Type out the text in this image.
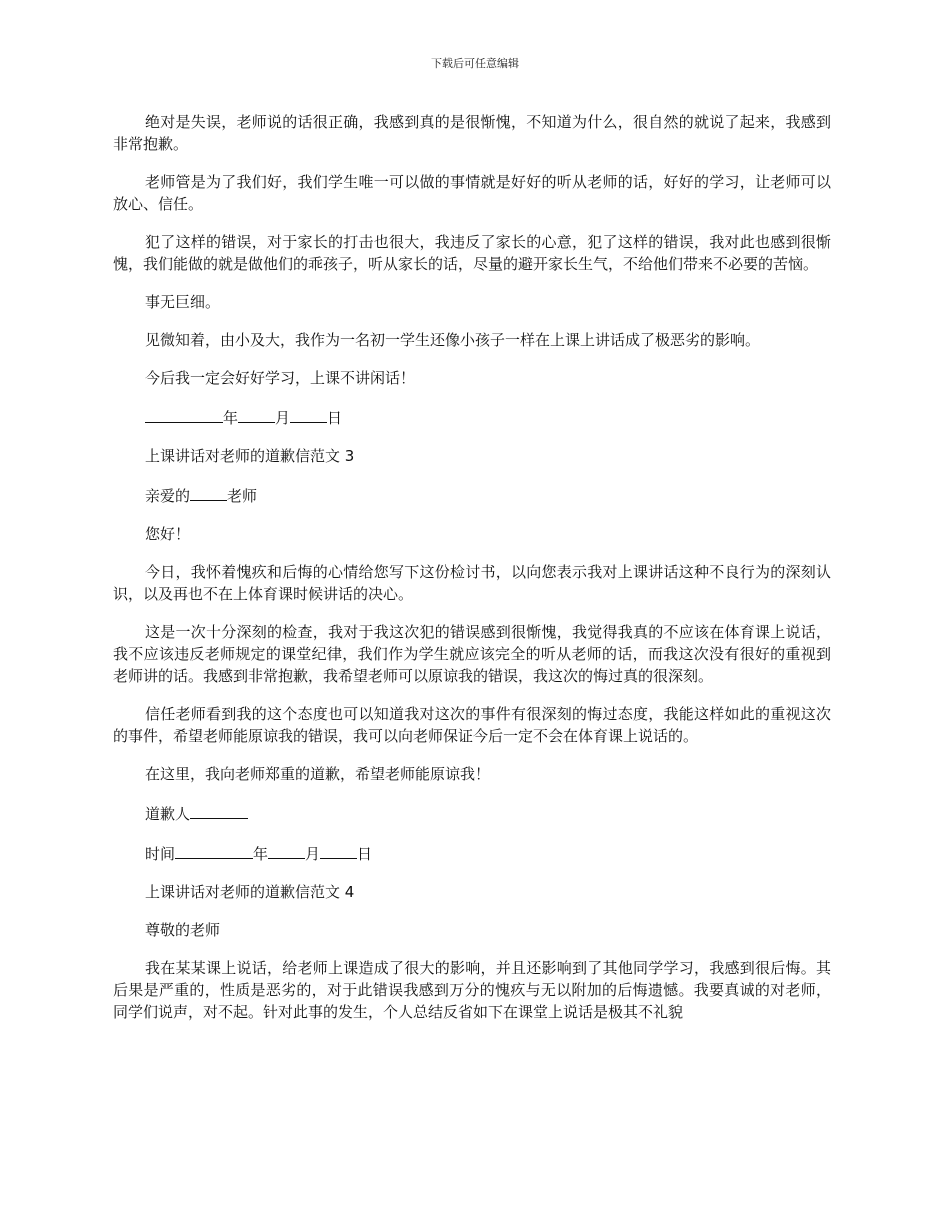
下载后可任意编辑

绝对是失误，老师说的话很正确，我感到真的是很惭愧，不知道为什么，很自然的就说了起来，我感到非常抱歉。

老师管是为了我们好，我们学生唯一可以做的事情就是好好的听从老师的话，好好的学习，让老师可以放心、信任。

犯了这样的错误，对于家长的打击也很大，我违反了家长的心意，犯了这样的错误，我对此也感到很惭愧，我们能做的就是做他们的乖孩子，听从家长的话，尽量的避开家长生气，不给他们带来不必要的苦恼。

事无巨细。

见微知着，由小及大，我作为一名初一学生还像小孩子一样在上课上讲话成了极恶劣的影响。

今后我一定会好好学习，上课不讲闲话！

年 月 日

上课讲话对老师的道歉信范文 3

亲爱的 老师

您好！

今日，我怀着愧疚和后悔的心情给您写下这份检讨书，以向您表示我对上课讲话这种不良行为的深刻认识，以及再也不在上体育课时候讲话的决心。

这是一次十分深刻的检查，我对于我这次犯的错误感到很惭愧，我觉得我真的不应该在体育课上说话，我不应该违反老师规定的课堂纪律，我们作为学生就应该完全的听从老师的话，而我这次没有很好的重视到老师讲的话。我感到非常抱歉，我希望老师可以原谅我的错误，我这次的悔过真的很深刻。

信任老师看到我的这个态度也可以知道我对这次的事件有很深刻的悔过态度，我能这样如此的重视这次的事件，希望老师能原谅我的错误，我可以向老师保证今后一定不会在体育课上说话的。

在这里，我向老师郑重的道歉，希望老师能原谅我！

道歉人

时间	年 月 日

上课讲话对老师的道歉信范文 4

尊敬的老师

我在某某课上说话，给老师上课造成了很大的影响，并且还影响到了其他同学学习，我感到很后悔。其后果是严重的，性质是恶劣的，对于此错误我感到万分的愧疚与无以附加的后悔遗憾。我要真诚的对老师，同学们说声，对不起。针对此事的发生，个人总结反省如下在课堂上说话是极其不礼貌
